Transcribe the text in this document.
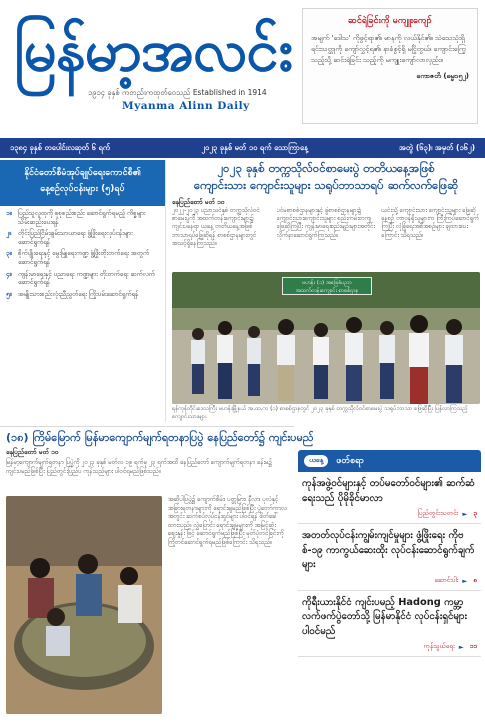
မြန်မာ့အလင်း
၁၉၁၄ ခုနှစ် ကတည်းကထုတ်ဝေသည် Established in 1914
Myanma Alinn Daily
ဆင်ရဲခြင်းကို မကျူးကျော်
အမျက် 'ဒေါသ' ကိုဖွင့်ရာ၏၊ မာနကို လယ်နိုင်၏။ သဲသေသုံးရှိရင်းသတ္တုကို ကျော်လွှင့်ရ၏၊ နာခံစွင့်ရှိ မငြိုတွယ်၊ ကျောင်းကြွေသည့်သို့ ဆင်းရဲခြင်း သည့်ကို မကျူးကျော်လာလှည်း။
ကောဇတိ (ဓမ္မ၁၅၂)
၁၃၈၄ ခုနှစ် တပေါင်းလဆုတ် ၆ ရက်	၂၀၂၃ ခုနှစ် မတ် ၁၀ ရက် သောကြာနေ့	အတွဲ (၆၃)၊ အမှတ် (၁၆၂)
နိုင်ငံတော်စီမံအုပ်ချုပ်ရေးကောင်စီ၏
နေ့စဉ်လုပ်ငန်းများ (၅)ရပ်
၁။	ပြည်သူလူထုကို စုစုစည်းစည်း ဆောင်ရွက်ရမည့် ကိစ္စများ သိမ်းဆည်းပေးရန်
၂။	တိုင်းပြည်ငြိမ်းချမ်းသာယာရေး ဖွံ့ဖြိုးရေးလုပ်ငန်းများ ဆောင်ရွက်ရန်
၃။	စိုက်ပျိုးရေးနှင့် မွေးမြူရေးကဏ္ဍ ဖွံ့ဖြိုးတိုးတက်ရေး အတွက် ဆောင်ရွက်ရန်
၄။	ကျန်းမာရေးနှင့် ပညာရေး ကဏ္ဍများ တိုးတက်ရေး ဆက်လက်ဆောင်ရွက်ရန်
၅။	အမျိုးသားစည်းလုံးညီညွတ်ရေး ကြိုးပမ်းဆောင်ရွက်ရန်
၂၀၂၃ ခုနှစ် တက္ကသိုလ်ဝင်စာမေးပွဲ တတိယနေ့အဖြစ်
ကျောင်းသား ကျောင်းသူများ သရုပ်ဘာသာရပ် ဆက်လက်ဖြေဆို
နေပြည်တော် မတ် ၁၀

၂၀၂၂-၂၀၂၃ ပညာသင်နှစ် တက္ကသိုလ်ဝင်စာမေးပွဲကို အထက်တန်းကျောင်းများ၌ ကျင်းပနေရာ ယနေ့ တတိယနေ့အဖြစ် ဘာသာရပ်ဖြေဆိုရန် စာစစ်ဌာနများတွင် အသင့်ရှိနေကြသည်။

ပင်မစာစစ်ဌာနများနှင့် ခွဲစာစစ်ဌာနများ၌ ကျောင်းသားကျောင်းသူများ စည်းကမ်းတကျ ဖြေဆိုကြပြီး ကျန်းမာရေးစည်းမျဉ်းများအတိုင်း လိုက်နာဆောင်ရွက်ကြသည်။

ယင်းသို့ ကျောင်းသား ကျောင်းသူများ ဖြေဆိုနေစဉ် တာဝန်ရှိသူများက ကြီးကြပ်ဆောင်ရွက်ကြပြီး လုံခြုံရေးအစီအစဉ်များ ချထားပေးကြောင်း သိရသည်။

ဗဟန်း (၁) အခြေခံပညာ အထက်တန်းကျောင်း စာစစ်ဌာန

ရန်ကုန်တိုင်းဒေသကြီး ဗဟန်းမြို့နယ် အ.ထ.က (၁) စာစစ်ဌာနတွင် ၂၀၂၃ ခုနှစ် တက္ကသိုလ်ဝင်စာမေးပွဲ သရုပ်ဘာသာ ဖြေဆိုပြီး ပြန်လာကြသည့် ကျောင်းသားများ

(၁၈) ကြိမ်မြောက် မြန်မာကျောက်မျက်ရတနာပြပွဲ နေပြည်တော်၌ ကျင်းပမည်
နေပြည်တော် မတ် ၁၀
မြန်မာ့ကျောက်မျက်ရတနာ ပြပွဲကို ၂၀၂၃ ခုနှစ် မတ်လ ၁၉ ရက်မှ ၂၃ ရက်အထိ နေပြည်တော် ကျောက်မျက်ရတနာ ခန်းမ၌ ကျင်းပမည်ဖြစ်ပြီး ပြည်တွင်းပြည်ပ ကုန်သည်များ ပါဝင်ရမည်ဖြစ်သည်။

အဆိုပါပြပွဲ၌ ကျောက်စိမ်း၊ ပတ္တမြား၊ နီလာ၊ ပုလဲနှင့် အခြားရတနာများကို ရောင်းချမည်ဖြစ်ပြီး ပွဲတော်ကာလအတွင်း ဆက်စပ်လုပ်ငန်းရှင်များ ပါဝင်ရန် ဖိတ်ခေါ်ထားသည်။ လွှဲပြောင်း ရောင်းချမှုများကို အမြင့်ဆုံးဈေးနှုန်း ဖြင့် ဆောင်ရွက်မည်ဖြစ်ပြီး မှတ်ပုံတင်ခြင်းကို ကြိုတင်ဆောင်ရွက်ရမည်ဖြစ်ကြောင်း သိရသည်။

ယနေ့	ဖတ်စရာ
ကုန်အဖွဲ့ဝင်များနှင့် တပ်မတော်ဝင်များ၏ ဆက်ဆံရေးသည် ပိုမိုခိုင်မာလာ
ပြည်တွင်းသတင်း ► ၃
အတတ်လုပ်ငန်းကျွမ်းကျင်မှုများ ဖွံ့ဖြိုးရေး ကိုဗစ်-၁၉ ကာကွယ်ဆေးထိုး လုပ်ငန်းဆောင်ရွက်ချက်များ
ဆောင်းပါး ► ၈
ကိုရီးယားနိုင်ငံ ကျင်းပမည့် Hadong ကမ္ဘာ့လက်ဖက်ပွဲတော်သို့ မြန်မာနိုင်ငံ လုပ်ငန်းရှင်များ ပါဝင်မည်
ကုန်သွယ်ရေး ► ၁၁
